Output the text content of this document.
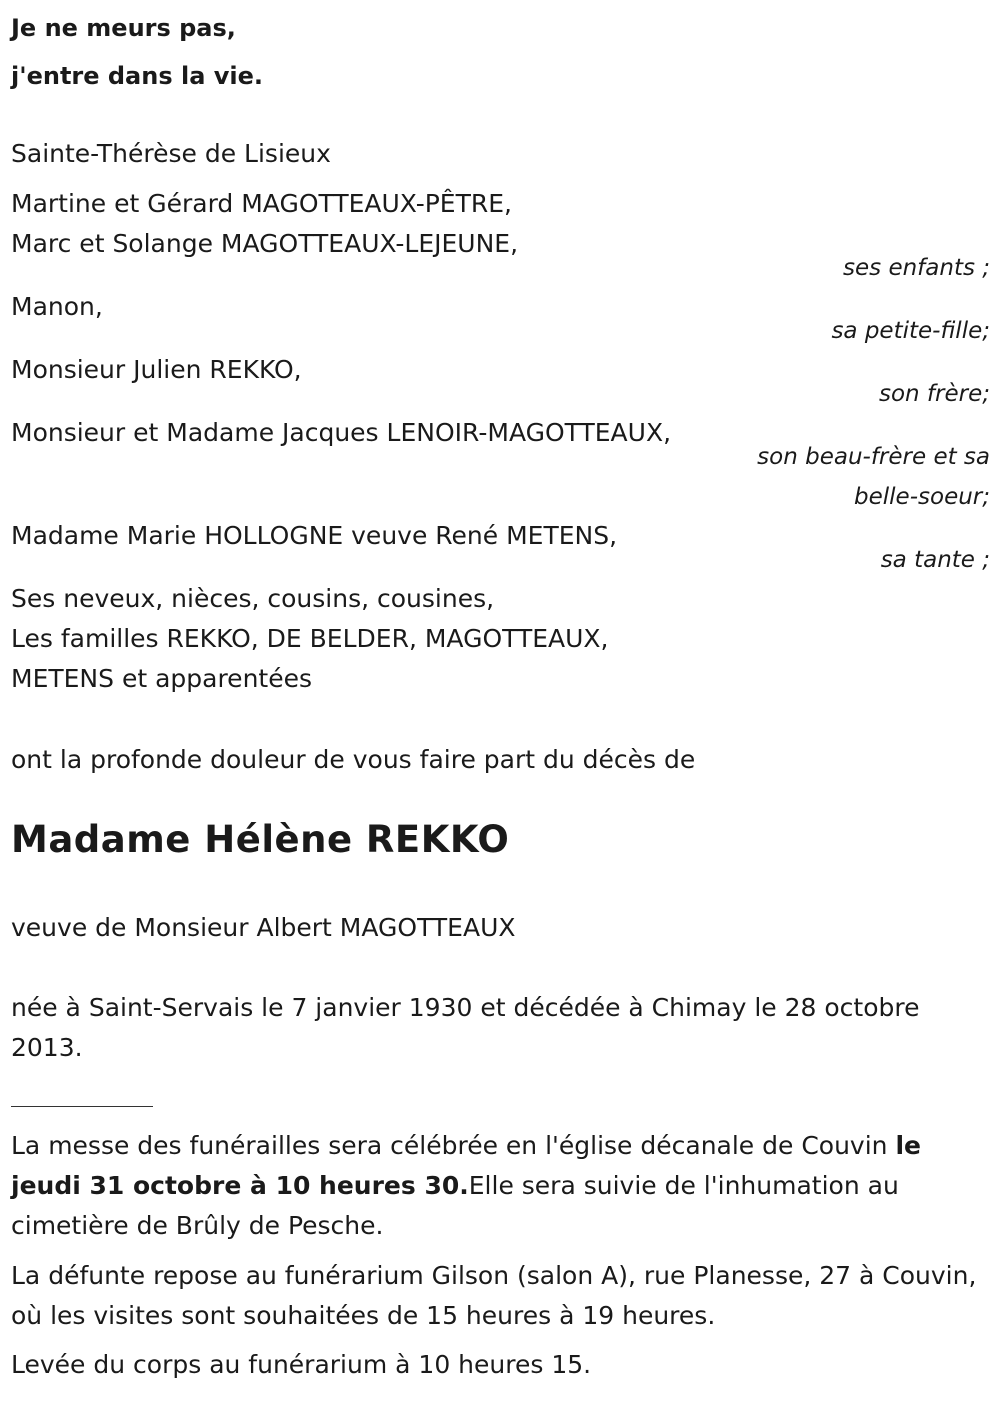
Je ne meurs pas,
j'entre dans la vie.
Sainte-Thérèse de Lisieux
Martine et Gérard MAGOTTEAUX-PÊTRE,
Marc et Solange MAGOTTEAUX-LEJEUNE,
ses enfants ;
Manon,
sa petite-fille;
Monsieur Julien REKKO,
son frère;
Monsieur et Madame Jacques LENOIR-MAGOTTEAUX,
son beau-frère et sa
belle-soeur;
Madame Marie HOLLOGNE veuve René METENS,
sa tante ;
Ses neveux, nièces, cousins, cousines,
Les familles REKKO, DE BELDER, MAGOTTEAUX,
METENS et apparentées
ont la profonde douleur de vous faire part du décès de
Madame Hélène REKKO
veuve de Monsieur Albert MAGOTTEAUX
née à Saint-Servais le 7 janvier 1930 et décédée à Chimay le 28 octobre 2013.
La messe des funérailles sera célébrée en l'église décanale de Couvin le jeudi 31 octobre à 10 heures 30.Elle sera suivie de l'inhumation au cimetière de Brûly de Pesche.
La défunte repose au funérarium Gilson (salon A), rue Planesse, 27 à Couvin, où les visites sont souhaitées de 15 heures à 19 heures.
Levée du corps au funérarium à 10 heures 15.
